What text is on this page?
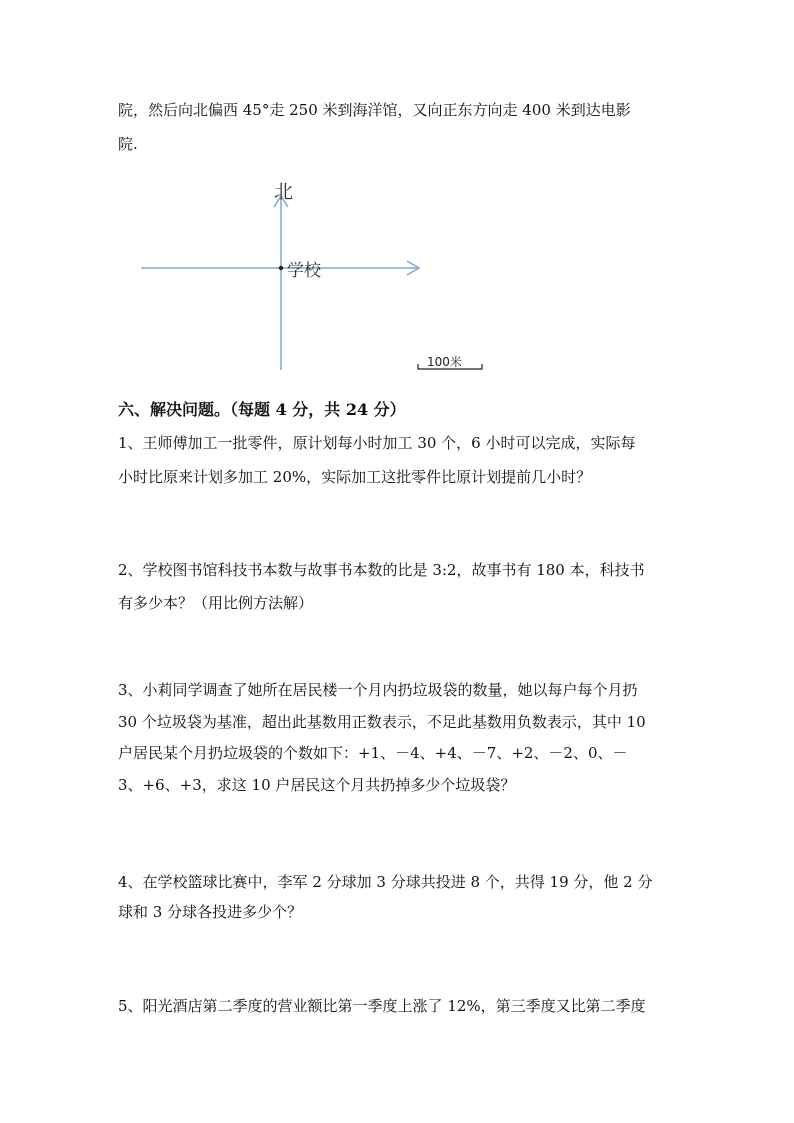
院，然后向北偏西 45°走 250 米到海洋馆，又向正东方向走 400 米到达电影
院.
北
学校
100米
六、解决问题。（每题 4 分，共 24 分）
1、王师傅加工一批零件，原计划每小时加工 30 个，6 小时可以完成，实际每
小时比原来计划多加工 20%，实际加工这批零件比原计划提前几小时？
2、学校图书馆科技书本数与故事书本数的比是 3:2，故事书有 180 本，科技书
有多少本？（用比例方法解）
3、小莉同学调查了她所在居民楼一个月内扔垃圾袋的数量，她以每户每个月扔
30 个垃圾袋为基准，超出此基数用正数表示，不足此基数用负数表示，其中 10
户居民某个月扔垃圾袋的个数如下：+1、－4、+4、－7、+2、－2、0、－
3、+6、+3，求这 10 户居民这个月共扔掉多少个垃圾袋？
4、在学校篮球比赛中，李军 2 分球加 3 分球共投进 8 个，共得 19 分，他 2 分
球和 3 分球各投进多少个？
5、阳光酒店第二季度的营业额比第一季度上涨了 12%，第三季度又比第二季度
